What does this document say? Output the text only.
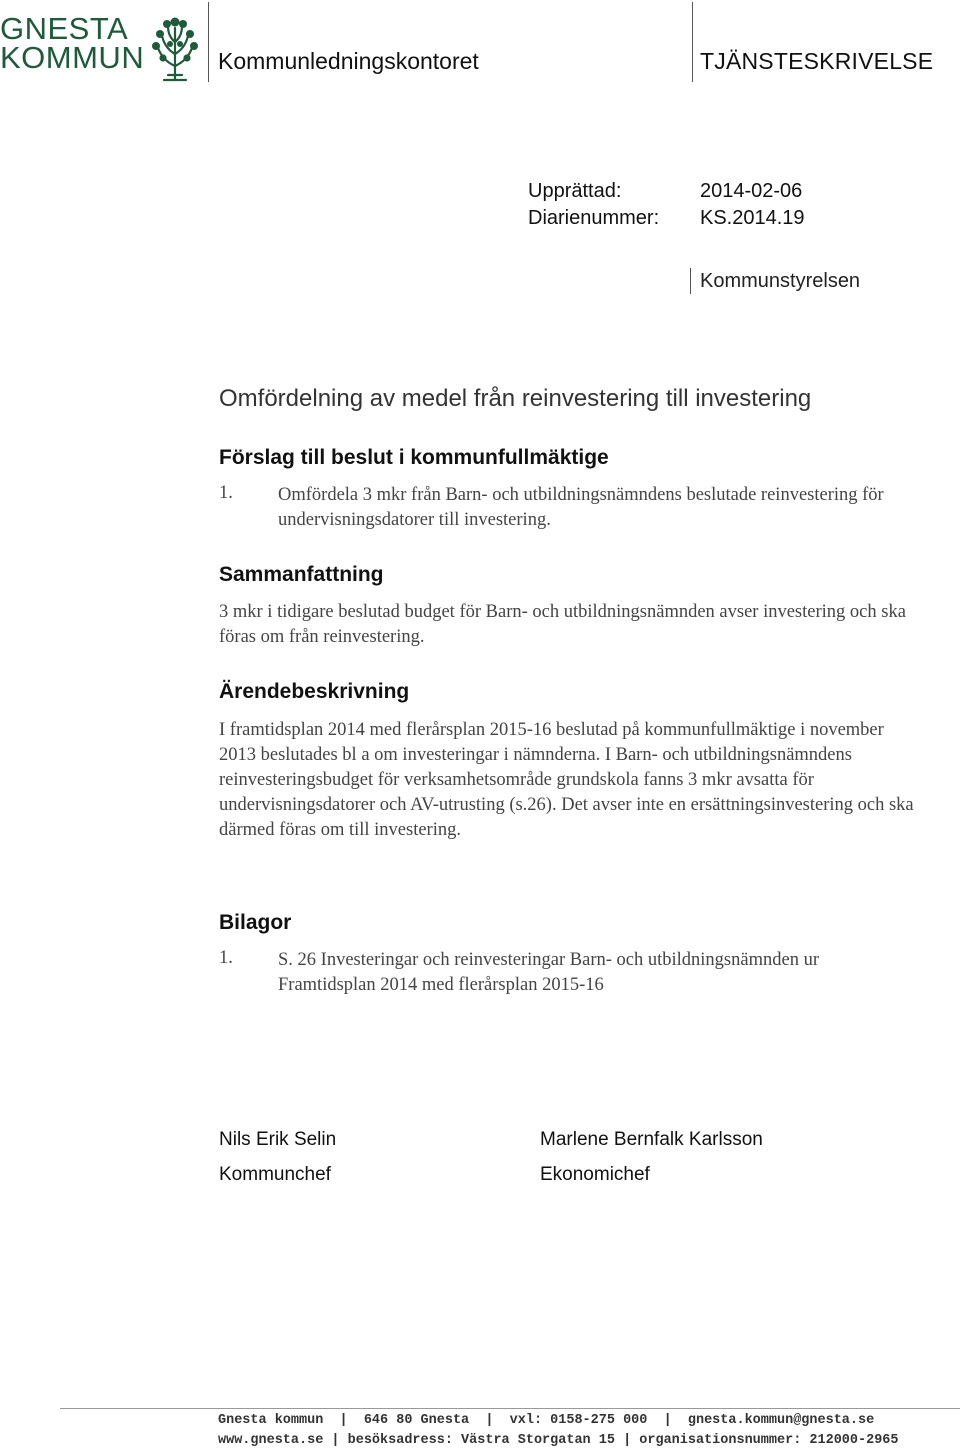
GNESTA
KOMMUN	Kommunledningskontoret	TJÄNSTESKRIVELSE
Upprättad:	2014-02-06
Diarienummer: KS.2014.19
Kommunstyrelsen
Omfördelning av medel från reinvestering till investering
Förslag till beslut i kommunfullmäktige
1. Omfördela 3 mkr från Barn- och utbildningsnämndens beslutade reinvestering för undervisningsdatorer till investering.
Sammanfattning
3 mkr i tidigare beslutad budget för Barn- och utbildningsnämnden avser investering och ska föras om från reinvestering.
Ärendebeskrivning
I framtidsplan 2014 med flerårsplan 2015-16 beslutad på kommunfullmäktige i november 2013 beslutades bl a om investeringar i nämnderna. I Barn- och utbildningsnämndens reinvesteringsbudget för verksamhetsområde grundskola fanns 3 mkr avsatta för undervisningsdatorer och AV-utrusting (s.26). Det avser inte en ersättningsinvestering och ska därmed föras om till investering.
Bilagor
1. S. 26 Investeringar och reinvesteringar Barn- och utbildningsnämnden ur Framtidsplan 2014 med flerårsplan 2015-16
Nils Erik Selin
Kommunchef
Marlene Bernfalk Karlsson
Ekonomichef
Gnesta kommun  |  646 80 Gnesta  |  vxl: 0158-275 000  |  gnesta.kommun@gnesta.se
www.gnesta.se | besöksadress: Västra Storgatan 15 | organisationsnummer: 212000-2965
